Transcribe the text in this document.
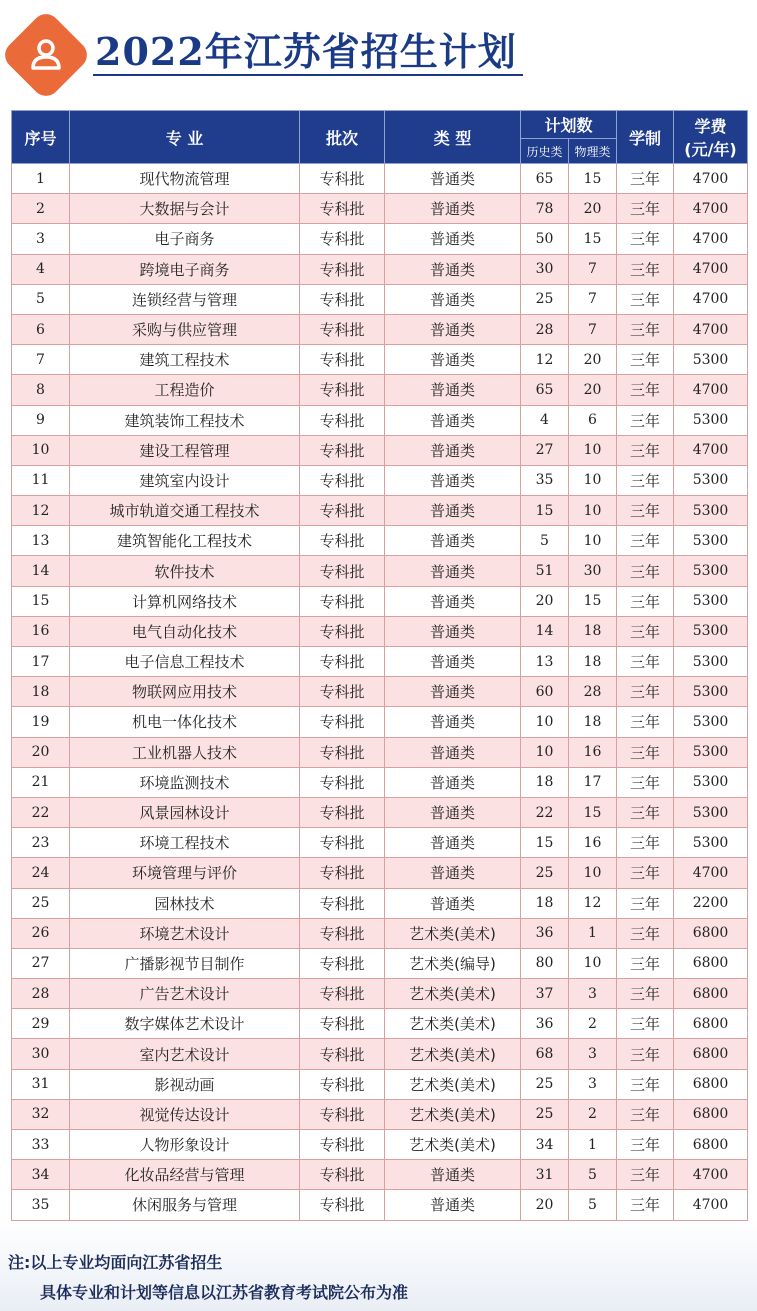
2022年江苏省招生计划
序号	专 业	批次	类 型	计划数		学制	学费
(元/年)

				历史类	物理类		
1	现代物流管理	专科批	普通类	65	15	三年	4700
2	大数据与会计	专科批	普通类	78	20	三年	4700
3	电子商务	专科批	普通类	50	15	三年	4700
4	跨境电子商务	专科批	普通类	30	7	三年	4700
5	连锁经营与管理	专科批	普通类	25	7	三年	4700
6	采购与供应管理	专科批	普通类	28	7	三年	4700
7	建筑工程技术	专科批	普通类	12	20	三年	5300
8	工程造价	专科批	普通类	65	20	三年	4700
9	建筑装饰工程技术	专科批	普通类	4	6	三年	5300
10	建设工程管理	专科批	普通类	27	10	三年	4700
11	建筑室内设计	专科批	普通类	35	10	三年	5300
12	城市轨道交通工程技术	专科批	普通类	15	10	三年	5300
13	建筑智能化工程技术	专科批	普通类	5	10	三年	5300
14	软件技术	专科批	普通类	51	30	三年	5300
15	计算机网络技术	专科批	普通类	20	15	三年	5300
16	电气自动化技术	专科批	普通类	14	18	三年	5300
17	电子信息工程技术	专科批	普通类	13	18	三年	5300
18	物联网应用技术	专科批	普通类	60	28	三年	5300
19	机电一体化技术	专科批	普通类	10	18	三年	5300
20	工业机器人技术	专科批	普通类	10	16	三年	5300
21	环境监测技术	专科批	普通类	18	17	三年	5300
22	风景园林设计	专科批	普通类	22	15	三年	5300
23	环境工程技术	专科批	普通类	15	16	三年	5300
24	环境管理与评价	专科批	普通类	25	10	三年	4700
25	园林技术	专科批	普通类	18	12	三年	2200
26	环境艺术设计	专科批	艺术类(美术)	36	1	三年	6800
27	广播影视节目制作	专科批	艺术类(编导)	80	10	三年	6800
28	广告艺术设计	专科批	艺术类(美术)	37	3	三年	6800
29	数字媒体艺术设计	专科批	艺术类(美术)	36	2	三年	6800
30	室内艺术设计	专科批	艺术类(美术)	68	3	三年	6800
31	影视动画	专科批	艺术类(美术)	25	3	三年	6800
32	视觉传达设计	专科批	艺术类(美术)	25	2	三年	6800
33	人物形象设计	专科批	艺术类(美术)	34	1	三年	6800
34	化妆品经营与管理	专科批	普通类	31	5	三年	4700
35	休闲服务与管理	专科批	普通类	20	5	三年	4700
注:以上专业均面向江苏省招生
具体专业和计划等信息以江苏省教育考试院公布为准
